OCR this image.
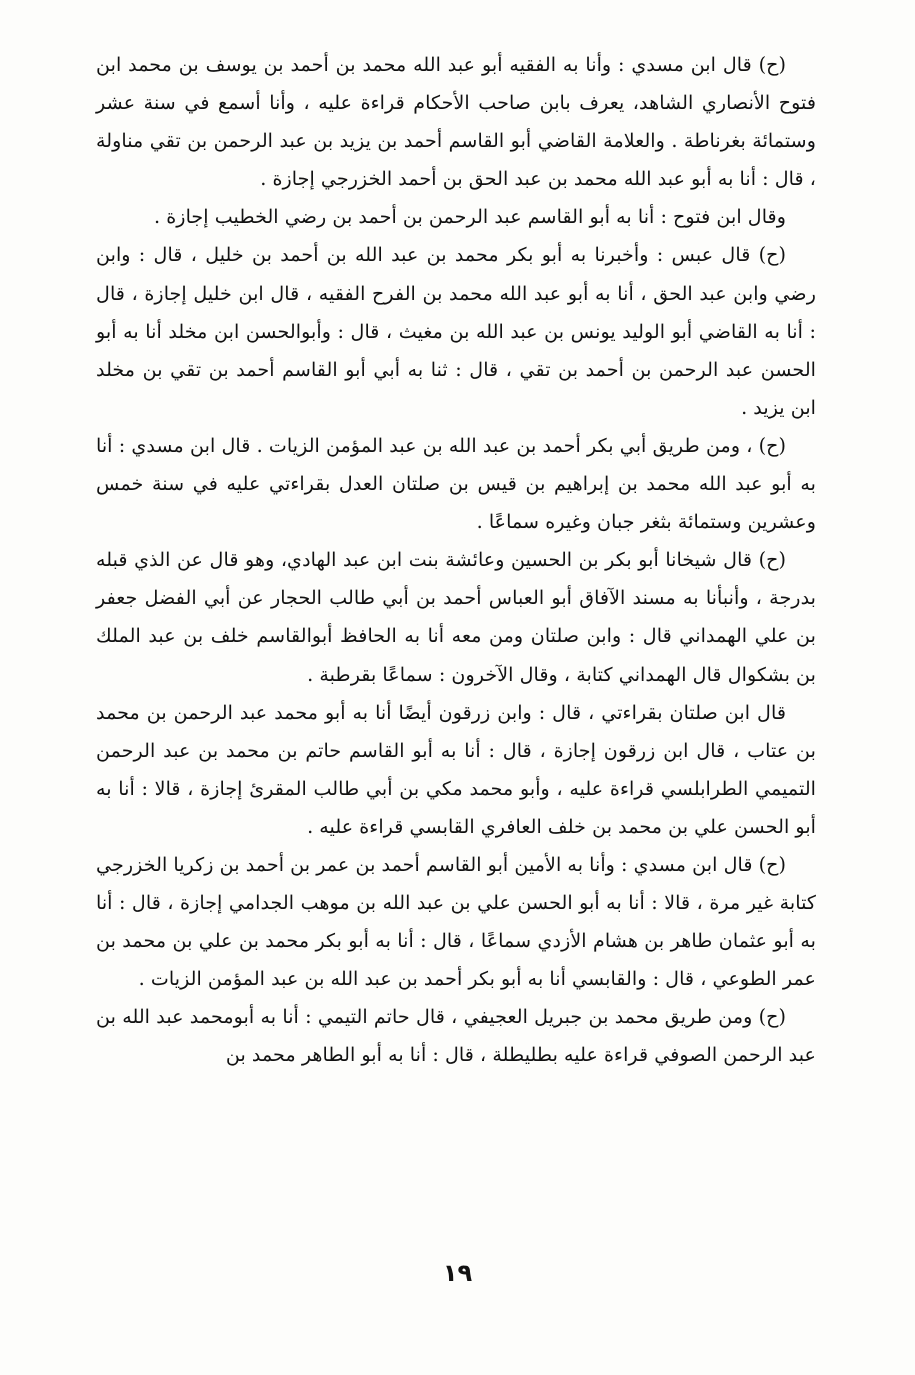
(ح) قال ابن مسدي : وأنا به الفقيه أبو عبد الله محمد بن أحمد بن يوسف بن محمد ابن فتوح الأنصاري الشاهد، يعرف بابن صاحب الأحكام قراءة عليه ، وأنا أسمع في سنة عشر وستمائة بغرناطة . والعلامة القاضي أبو القاسم أحمد بن يزيد بن عبد الرحمن بن تقي مناولة ، قال : أنا به أبو عبد الله محمد بن عبد الحق بن أحمد الخزرجي إجازة .

وقال ابن فتوح : أنا به أبو القاسم عبد الرحمن بن أحمد بن رضي الخطيب إجازة .

(ح) قال عبس : وأخبرنا به أبو بكر محمد بن عبد الله بن أحمد بن خليل ، قال : وابن رضي وابن عبد الحق ، أنا به أبو عبد الله محمد بن الفرح الفقيه ، قال ابن خليل إجازة ، قال : أنا به القاضي أبو الوليد يونس بن عبد الله بن مغيث ، قال : وأبوالحسن ابن مخلد أنا به أبو الحسن عبد الرحمن بن أحمد بن تقي ، قال : ثنا به أبي أبو القاسم أحمد بن تقي بن مخلد ابن يزيد .

(ح) ، ومن طريق أبي بكر أحمد بن عبد الله بن عبد المؤمن الزيات . قال ابن مسدي : أنا به أبو عبد الله محمد بن إبراهيم بن قيس بن صلتان العدل بقراءتي عليه في سنة خمس وعشرين وستمائة بثغر جبان وغيره سماعًا .

(ح) قال شيخانا أبو بكر بن الحسين وعائشة بنت ابن عبد الهادي، وهو قال عن الذي قبله بدرجة ، وأنبأنا به مسند الآفاق أبو العباس أحمد بن أبي طالب الحجار عن أبي الفضل جعفر بن علي الهمداني قال : وابن صلتان ومن معه أنا به الحافظ أبوالقاسم خلف بن عبد الملك بن بشكوال قال الهمداني كتابة ، وقال الآخرون : سماعًا بقرطبة .

قال ابن صلتان بقراءتي ، قال : وابن زرقون أيضًا أنا به أبو محمد عبد الرحمن بن محمد بن عتاب ، قال ابن زرقون إجازة ، قال : أنا به أبو القاسم حاتم بن محمد بن عبد الرحمن التميمي الطرابلسي قراءة عليه ، وأبو محمد مكي بن أبي طالب المقرئ إجازة ، قالا : أنا به أبو الحسن علي بن محمد بن خلف العافري القابسي قراءة عليه .

(ح) قال ابن مسدي : وأنا به الأمين أبو القاسم أحمد بن عمر بن أحمد بن زكريا الخزرجي كتابة غير مرة ، قالا : أنا به أبو الحسن علي بن عبد الله بن موهب الجدامي إجازة ، قال : أنا به أبو عثمان طاهر بن هشام الأزدي سماعًا ، قال : أنا به أبو بكر محمد بن علي بن محمد بن عمر الطوعي ، قال : والقابسي أنا به أبو بكر أحمد بن عبد الله بن عبد المؤمن الزيات .

(ح) ومن طريق محمد بن جبريل العجيفي ، قال حاتم التيمي : أنا به أبومحمد عبد الله بن عبد الرحمن الصوفي قراءة عليه بطليطلة ، قال : أنا به أبو الطاهر محمد بن

١٩
